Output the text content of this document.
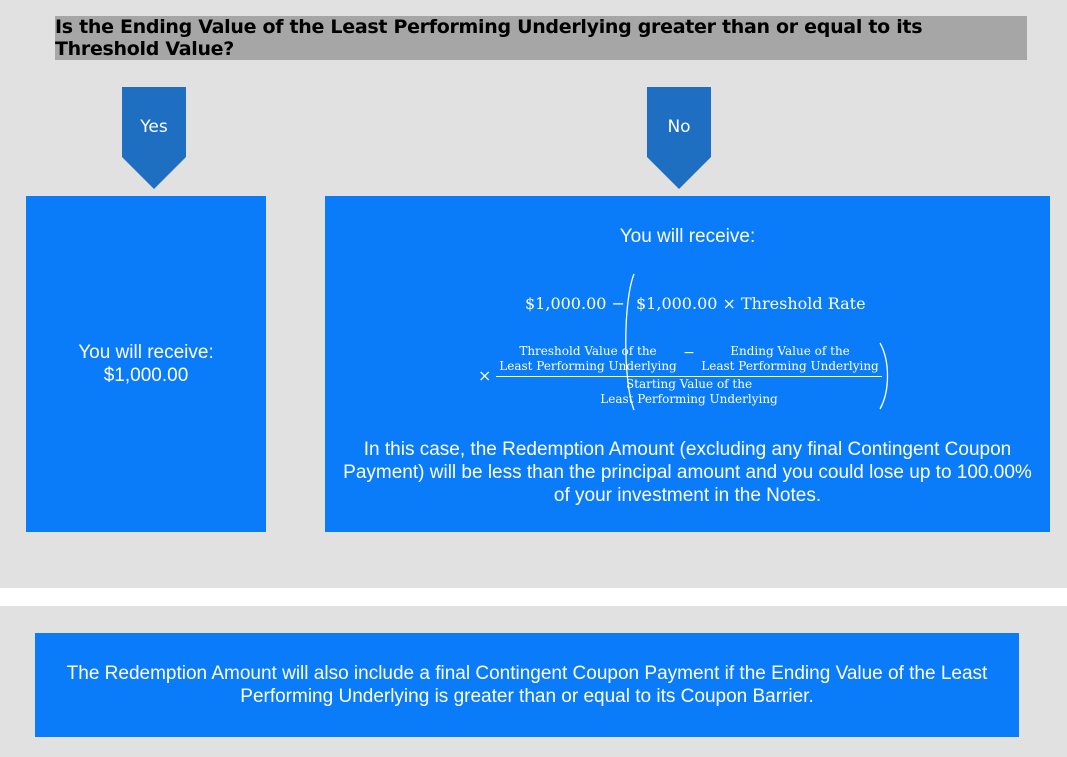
Is the Ending Value of the Least Performing Underlying greater than or equal to its Threshold Value?
Yes	No
You will receive:
$1,000.00
You will receive:
$1,000.00 − $1,000.00 × Threshold Rate
×
Threshold Value of the
Least Performing Underlying
−	Ending Value of the
Least Performing Underlying
Starting Value of the
Least Performing Underlying
In this case, the Redemption Amount (excluding any final Contingent Coupon Payment) will be less than the principal amount and you could lose up to 100.00% of your investment in the Notes.
The Redemption Amount will also include a final Contingent Coupon Payment if the Ending Value of the Least Performing Underlying is greater than or equal to its Coupon Barrier.
